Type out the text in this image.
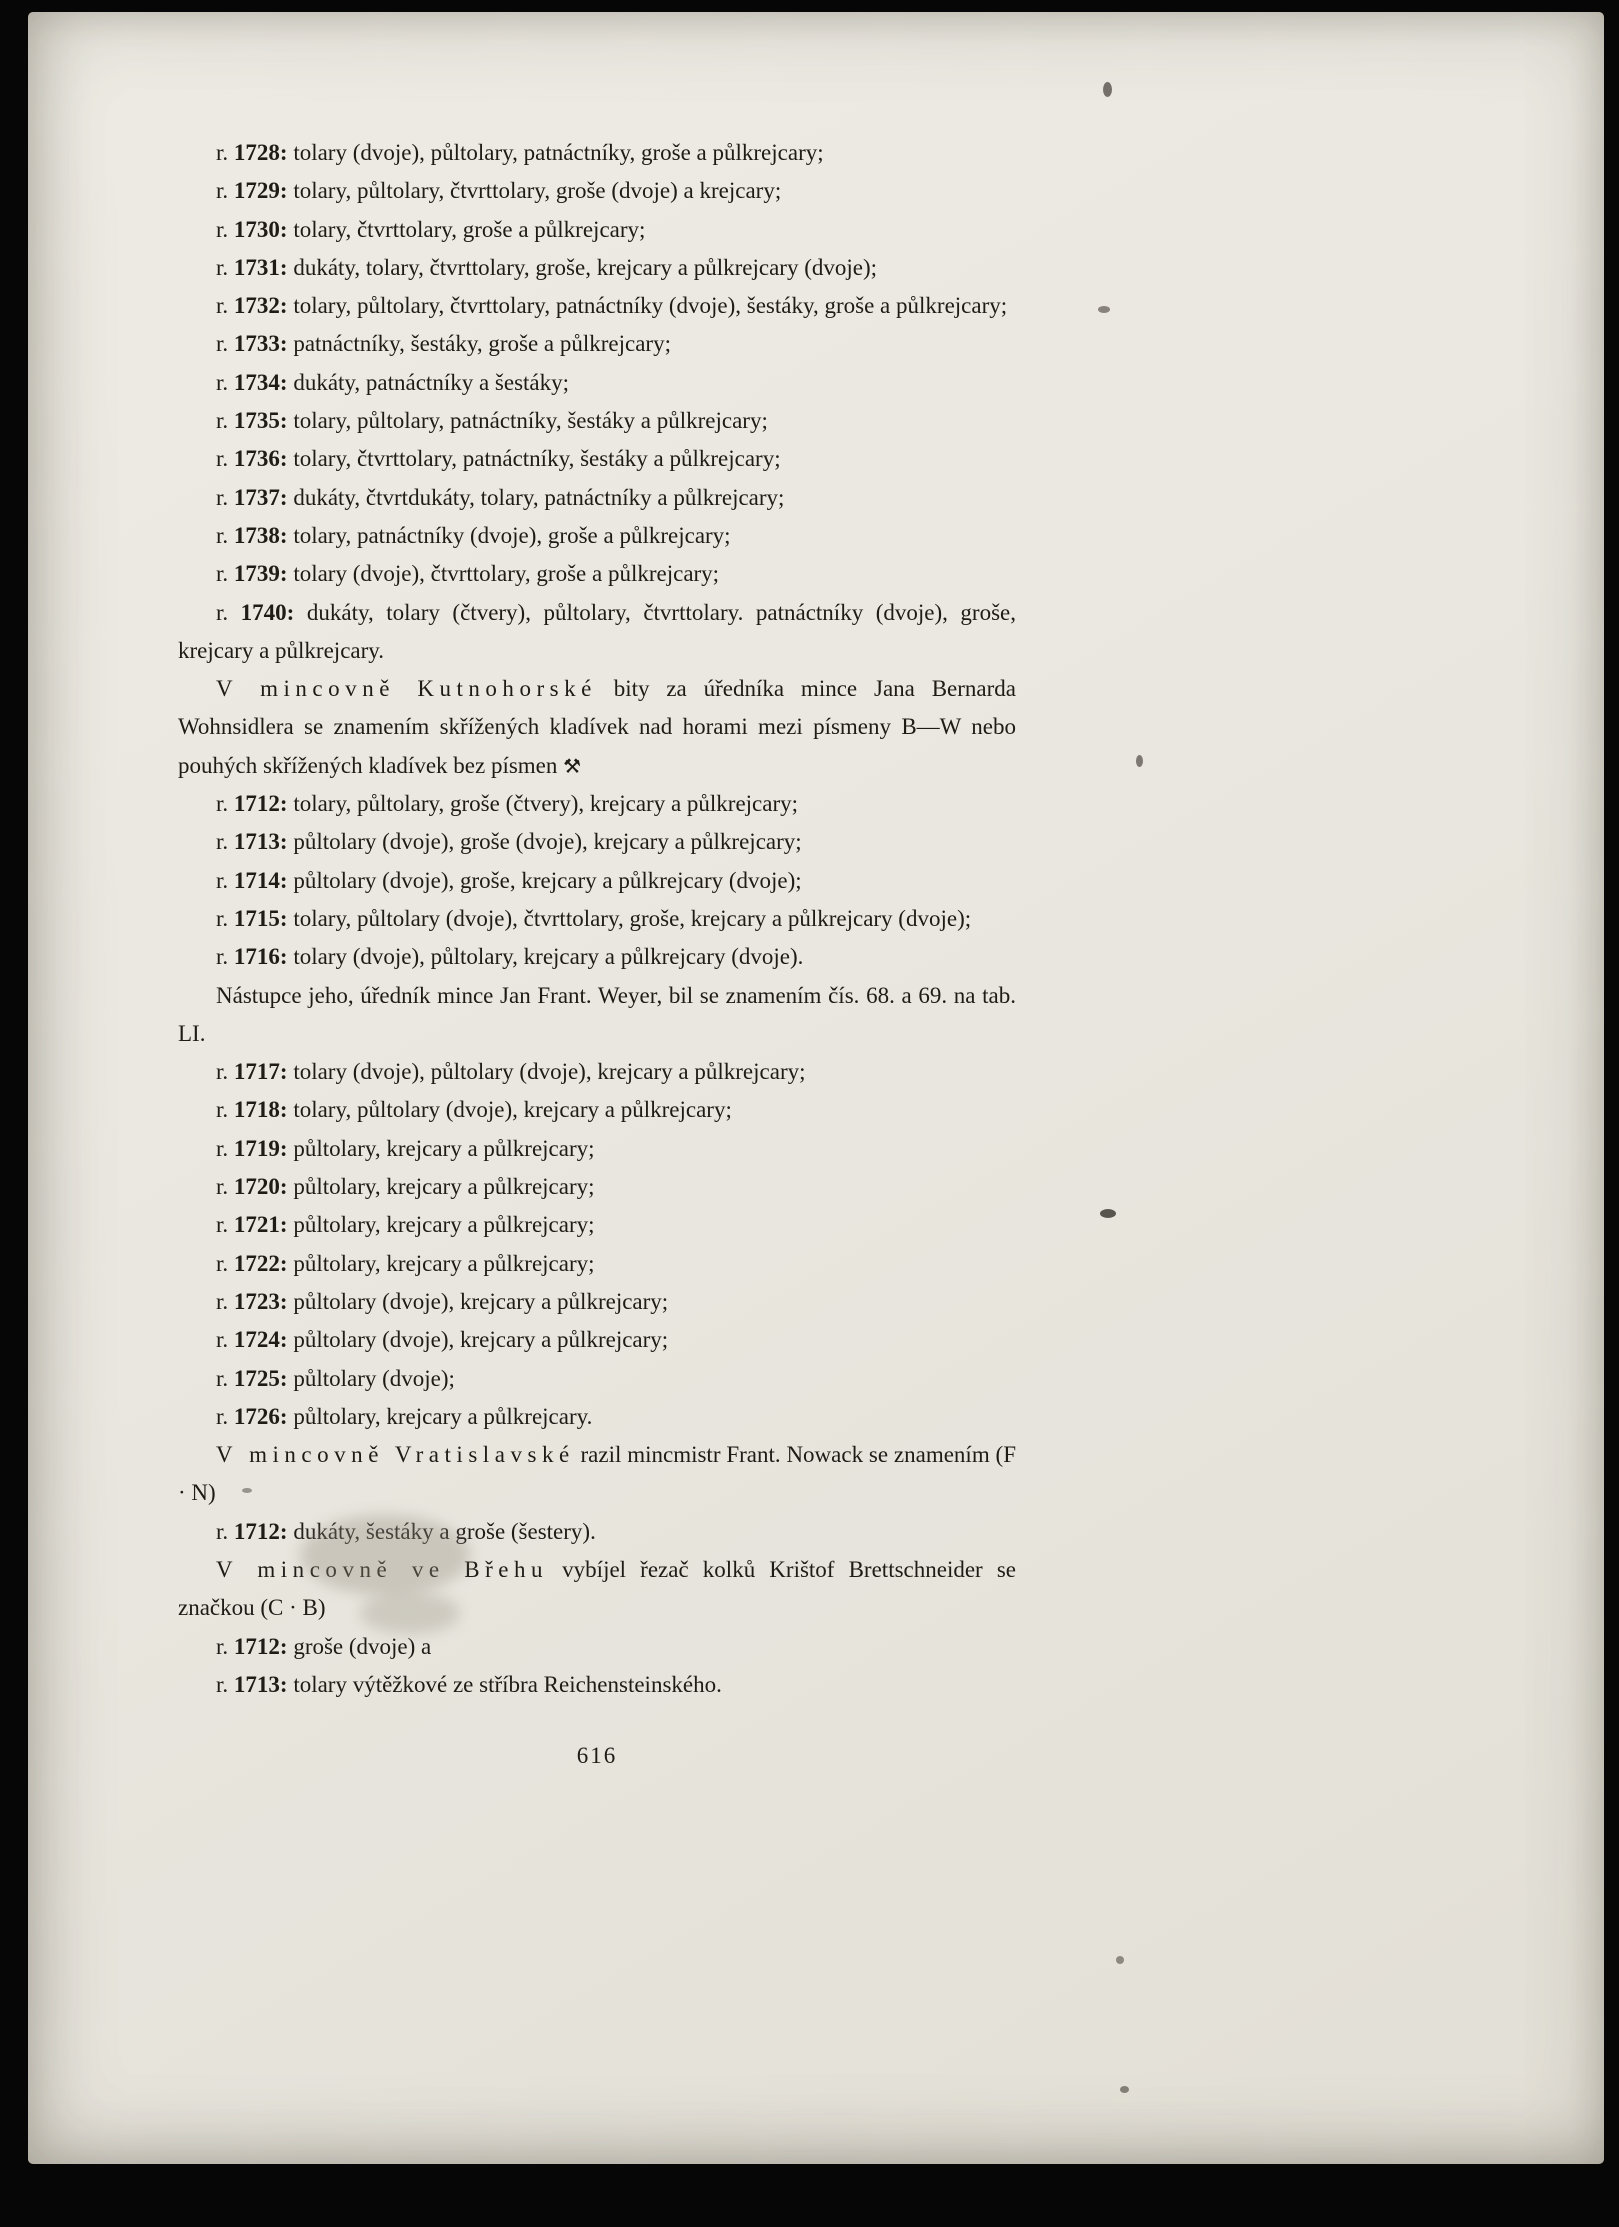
r. 1728: tolary (dvoje), půltolary, patnáctníky, groše a půlkrejcary;

r. 1729: tolary, půltolary, čtvrttolary, groše (dvoje) a krejcary;

r. 1730: tolary, čtvrttolary, groše a půlkrejcary;

r. 1731: dukáty, tolary, čtvrttolary, groše, krejcary a půlkrejcary (dvoje);

r. 1732: tolary, půltolary, čtvrttolary, patnáctníky (dvoje), šestáky, groše a půlkrejcary;

r. 1733: patnáctníky, šestáky, groše a půlkrejcary;

r. 1734: dukáty, patnáctníky a šestáky;

r. 1735: tolary, půltolary, patnáctníky, šestáky a půlkrejcary;

r. 1736: tolary, čtvrttolary, patnáctníky, šestáky a půlkrejcary;

r. 1737: dukáty, čtvrtdukáty, tolary, patnáctníky a půlkrejcary;

r. 1738: tolary, patnáctníky (dvoje), groše a půlkrejcary;

r. 1739: tolary (dvoje), čtvrttolary, groše a půlkrejcary;

r. 1740: dukáty, tolary (čtvery), půltolary, čtvrttolary. patnáctníky (dvoje), groše, krejcary a půlkrejcary.

V mincovně Kutnohorské bity za úředníka mince Jana Bernarda Wohnsidlera se znamením skřížených kladívek nad horami mezi písmeny B—W nebo pouhých skřížených kladívek bez písmen ⚒

r. 1712: tolary, půltolary, groše (čtvery), krejcary a půlkrejcary;

r. 1713: půltolary (dvoje), groše (dvoje), krejcary a půlkrejcary;

r. 1714: půltolary (dvoje), groše, krejcary a půlkrejcary (dvoje);

r. 1715: tolary, půltolary (dvoje), čtvrttolary, groše, krejcary a půlkrejcary (dvoje);

r. 1716: tolary (dvoje), půltolary, krejcary a půlkrejcary (dvoje).

Nástupce jeho, úředník mince Jan Frant. Weyer, bil se znamením čís. 68. a 69. na tab. LI.

r. 1717: tolary (dvoje), půltolary (dvoje), krejcary a půlkrejcary;

r. 1718: tolary, půltolary (dvoje), krejcary a půlkrejcary;

r. 1719: půltolary, krejcary a půlkrejcary;

r. 1720: půltolary, krejcary a půlkrejcary;

r. 1721: půltolary, krejcary a půlkrejcary;

r. 1722: půltolary, krejcary a půlkrejcary;

r. 1723: půltolary (dvoje), krejcary a půlkrejcary;

r. 1724: půltolary (dvoje), krejcary a půlkrejcary;

r. 1725: půltolary (dvoje);

r. 1726: půltolary, krejcary a půlkrejcary.

V mincovně Vratislavské razil mincmistr Frant. Nowack se znamením (F · N)

r. 1712: dukáty, šestáky a groše (šestery).

V mincovně ve Břehu vybíjel řezač kolků Krištof Brettschneider se značkou (C · B)

r. 1712: groše (dvoje) a

r. 1713: tolary výtěžkové ze stříbra Reichensteinského.

616
